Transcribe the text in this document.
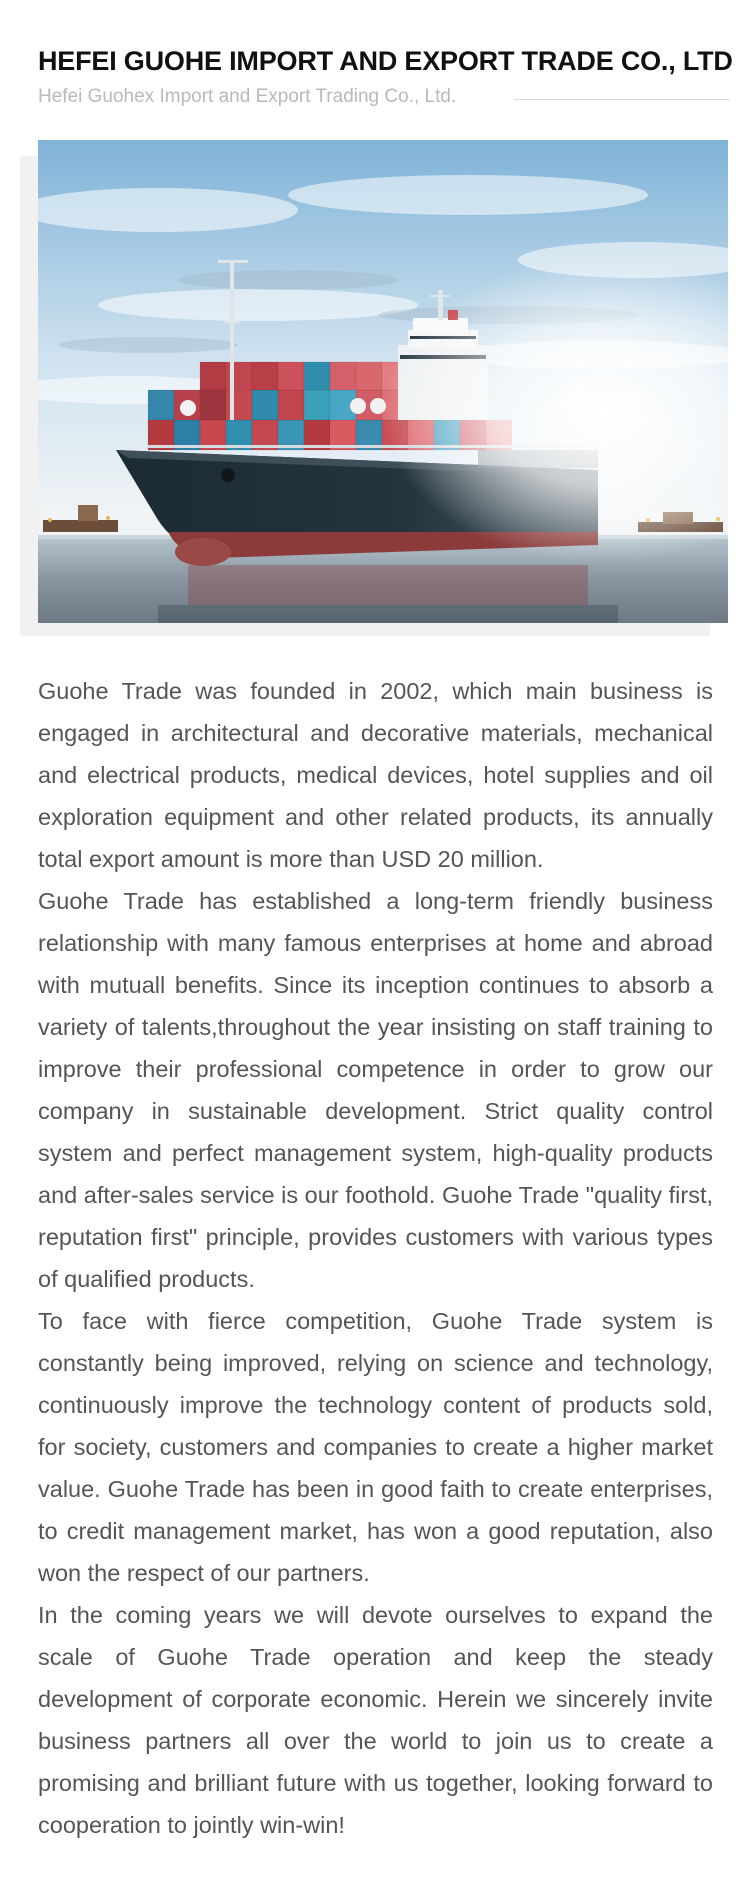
HEFEI GUOHE IMPORT AND EXPORT TRADE CO., LTD
Hefei Guohex Import and Export Trading Co., Ltd.

Guohe Trade was founded in 2002, which main business is engaged in architectural and decorative materials, mechanical and electrical products, medical devices, hotel supplies and oil exploration equipment and other related products, its annually total export amount is more than USD 20 million.

Guohe Trade has established a long-term friendly business relationship with many famous enterprises at home and abroad with mutuall benefits. Since its inception continues to absorb a variety of talents,throughout the year insisting on staff training to improve their professional competence in order to grow our company in sustainable development. Strict quality control system and perfect management system, high-quality products and after-sales service is our foothold. Guohe Trade "quality first, reputation first" principle, provides customers with various types of qualified products.

To face with fierce competition, Guohe Trade system is constantly being improved, relying on science and technology, continuously improve the technology content of products sold, for society, customers and companies to create a higher market value. Guohe Trade has been in good faith to create enterprises, to credit management market, has won a good reputation, also won the respect of our partners.

In the coming years we will devote ourselves to expand the scale of Guohe Trade operation and keep the steady development of corporate economic. Herein we sincerely invite business partners all over the world to join us to create a promising and brilliant future with us together, looking forward to cooperation to jointly win-win!
